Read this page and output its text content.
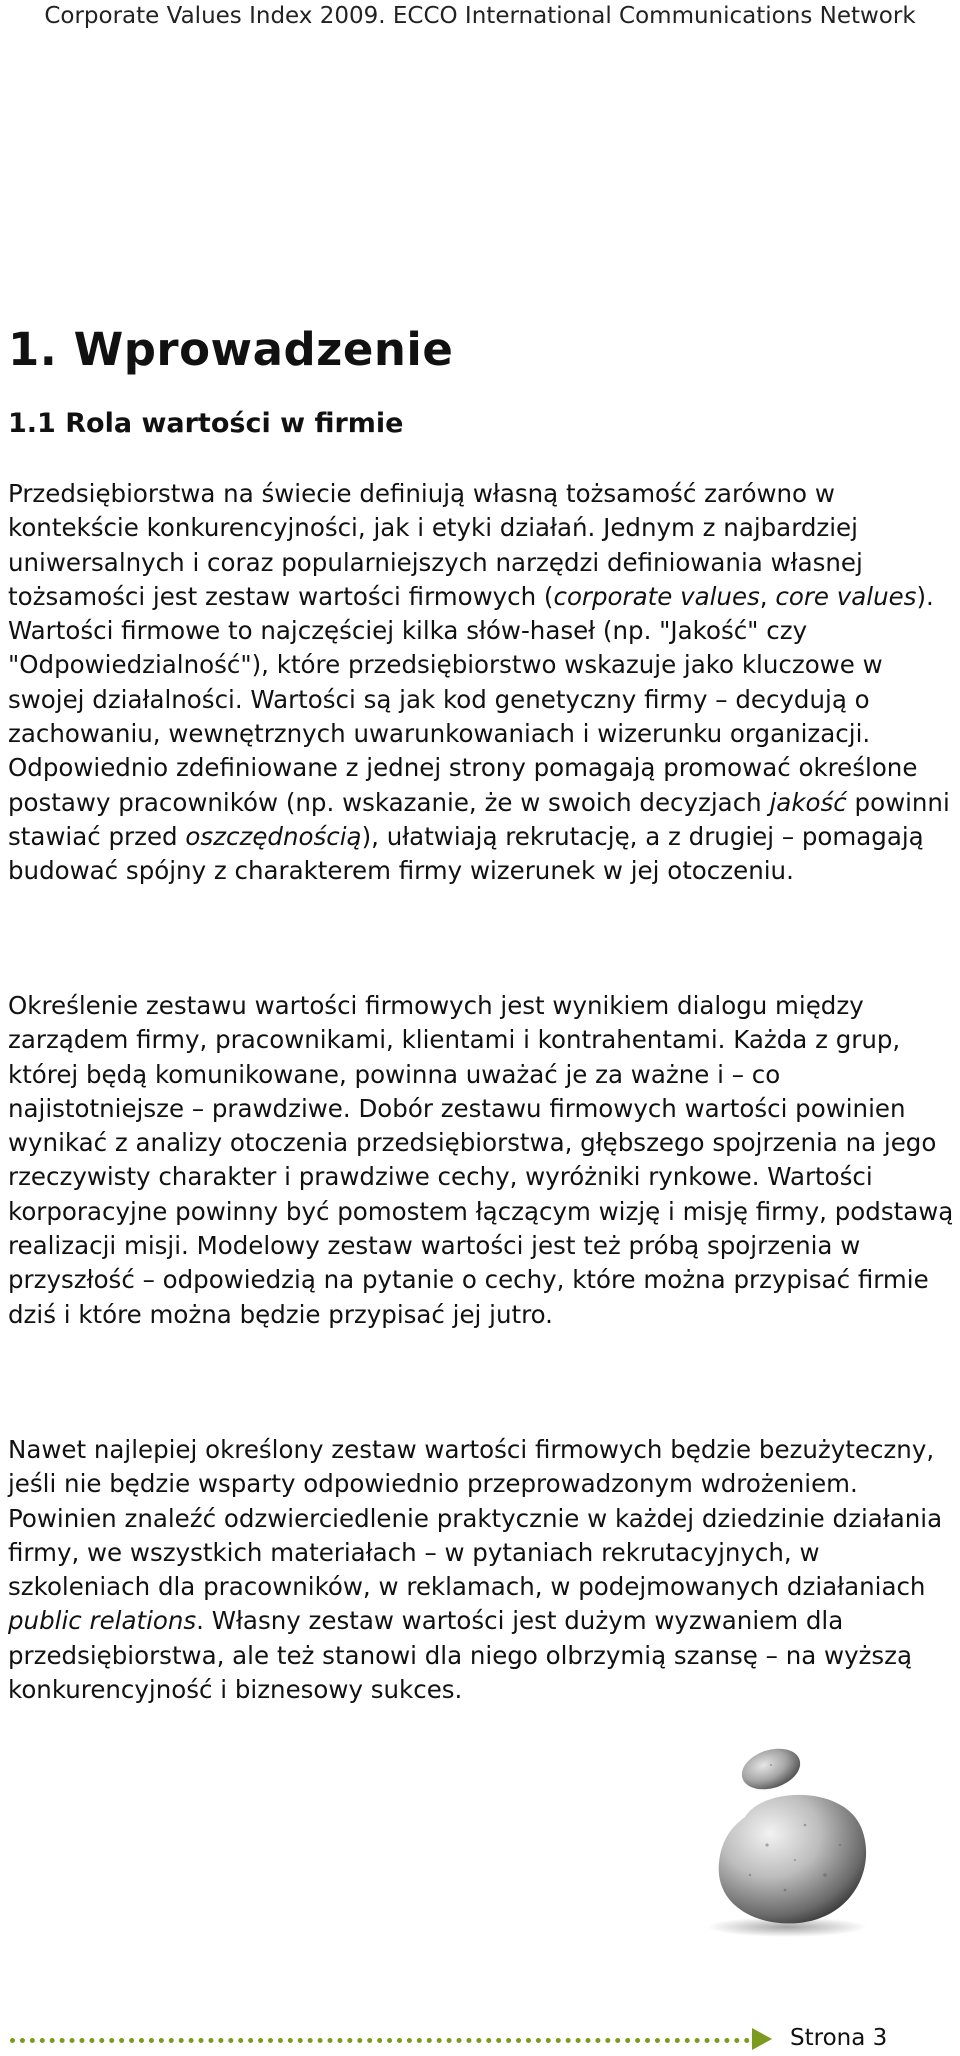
Corporate Values Index 2009. ECCO International Communications Network
1. Wprowadzenie
1.1 Rola wartości w firmie

Przedsiębiorstwa na świecie definiują własną tożsamość zarówno w kontekście konkurencyjności, jak i etyki działań. Jednym z najbardziej uniwersalnych i coraz popularniejszych narzędzi definiowania własnej tożsamości jest zestaw wartości firmowych (corporate values, core values). Wartości firmowe to najczęściej kilka słów-haseł (np. "Jakość" czy "Odpowiedzialność"), które przedsiębiorstwo wskazuje jako kluczowe w swojej działalności. Wartości są jak kod genetyczny firmy – decydują o zachowaniu, wewnętrznych uwarunkowaniach i wizerunku organizacji. Odpowiednio zdefiniowane z jednej strony pomagają promować określone postawy pracowników (np. wskazanie, że w swoich decyzjach jakość powinni stawiać przed oszczędnością), ułatwiają rekrutację, a z drugiej – pomagają budować spójny z charakterem firmy wizerunek w jej otoczeniu.

Określenie zestawu wartości firmowych jest wynikiem dialogu między zarządem firmy, pracownikami, klientami i kontrahentami. Każda z grup, której będą komunikowane, powinna uważać je za ważne i – co najistotniejsze – prawdziwe. Dobór zestawu firmowych wartości powinien wynikać z analizy otoczenia przedsiębiorstwa, głębszego spojrzenia na jego rzeczywisty charakter i prawdziwe cechy, wyróżniki rynkowe. Wartości korporacyjne powinny być pomostem łączącym wizję i misję firmy, podstawą realizacji misji. Modelowy zestaw wartości jest też próbą spojrzenia w przyszłość – odpowiedzią na pytanie o cechy, które można przypisać firmie dziś i które można będzie przypisać jej jutro.

Nawet najlepiej określony zestaw wartości firmowych będzie bezużyteczny, jeśli nie będzie wsparty odpowiednio przeprowadzonym wdrożeniem. Powinien znaleźć odzwierciedlenie praktycznie w każdej dziedzinie działania firmy, we wszystkich materiałach – w pytaniach rekrutacyjnych, w szkoleniach dla pracowników, w reklamach, w podejmowanych działaniach public relations. Własny zestaw wartości jest dużym wyzwaniem dla przedsiębiorstwa, ale też stanowi dla niego olbrzymią szansę – na wyższą konkurencyjność i biznesowy sukces.

Strona 3
